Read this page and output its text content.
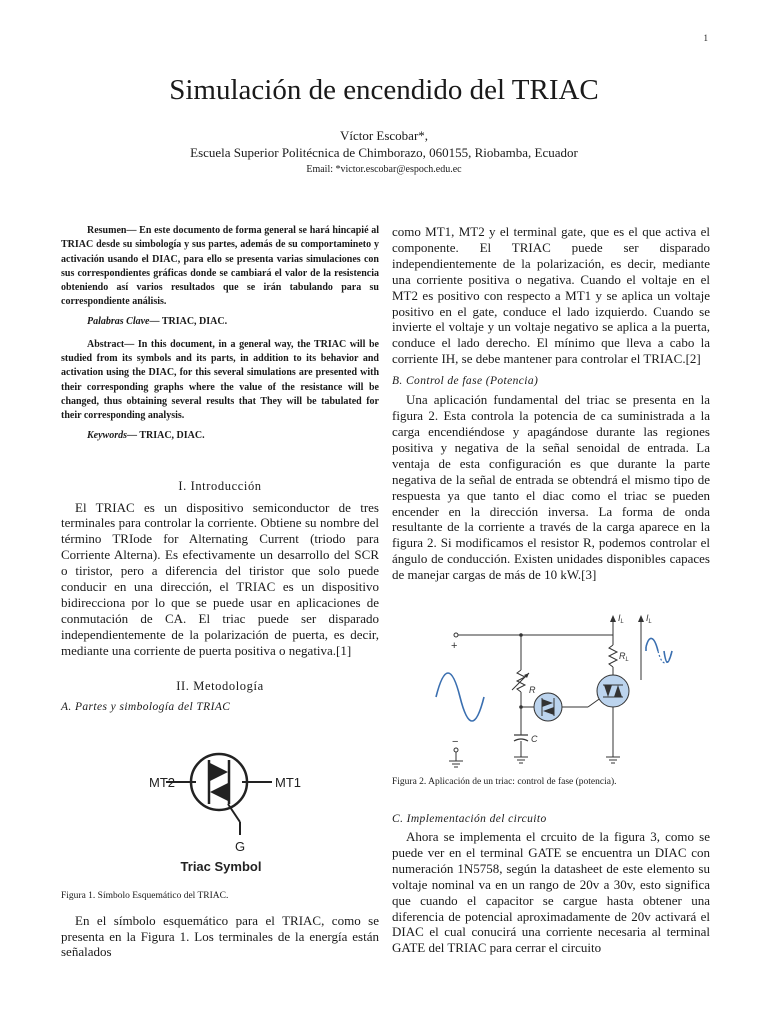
1
Simulación de encendido del TRIAC
Víctor Escobar*,
Escuela Superior Politécnica de Chimborazo, 060155, Riobamba, Ecuador
Email: *victor.escobar@espoch.edu.ec

Resumen— En este documento de forma general se hará hincapié al TRIAC desde su simbología y sus partes, además de su comportamineto y activación usando el DIAC, para ello se presenta varias simulaciones con sus correspondientes gráficas donde se cambiará el valor de la resistencia obteniendo así varios resultados que se irán tabulando para su correspondiente análisis.

Palabras Clave— TRIAC, DIAC.

Abstract— In this document, in a general way, the TRIAC will be studied from its symbols and its parts, in addition to its behavior and activation using the DIAC, for this several simulations are presented with their corresponding graphs where the value of the resistance will be changed, thus obtaining several results that They will be tabulated for their corresponding analysis.

Keywords— TRIAC, DIAC.

I. Introducción

El TRIAC es un dispositivo semiconductor de tres terminales para controlar la corriente. Obtiene su nombre del término TRIode for Alternating Current (triodo para Corriente Alterna). Es efectivamente un desarrollo del SCR o tiristor, pero a diferencia del tiristor que solo puede conducir en una dirección, el TRIAC es un dispositivo bidirecciona por lo que se puede usar en aplicaciones de conmutación de CA. El triac puede ser disparado independientemente de la polarización de puerta, es decir, mediante una corriente de puerta positiva o negativa.[1]

II. Metodología

A. Partes y simbología del TRIAC

MT2	MT1
G
Triac Symbol

Figura 1. Símbolo Esquemático del TRIAC.

En el símbolo esquemático para el TRIAC, como se presenta en la Figura 1. Los terminales de la energía están señalados

como MT1, MT2 y el terminal gate, que es el que activa el componente. El TRIAC puede ser disparado independientemente de la polarización, es decir, mediante una corriente positiva o negativa. Cuando el voltaje en el MT2 es positivo con respecto a MT1 y se aplica un voltaje positivo en el gate, conduce el lado izquierdo. Cuando se invierte el voltaje y un voltaje negativo se aplica a la puerta, conduce el lado derecho. El mínimo que lleva a cabo la corriente IH, se debe mantener para controlar el TRIAC.[2]

B. Control de fase (Potencia)

Una aplicación fundamental del triac se presenta en la figura 2. Esta controla la potencia de ca suministrada a la carga encendiéndose y apagándose durante las regiones positiva y negativa de la señal senoidal de entrada. La ventaja de esta configuración es que durante la parte negativa de la señal de entrada se obtendrá el mismo tipo de respuesta ya que tanto el diac como el triac se pueden encender en la dirección inversa. La forma de onda resultante de la corriente a través de la carga aparece en la figura 2. Si modificamos el resistor R, podemos controlar el ángulo de conducción. Existen unidades disponibles capaces de manejar cargas de más de 10 kW.[3]

+
−
R
C
$R_L$
$I_L$ $I_L$

Figura 2. Aplicación de un triac: control de fase (potencia).

C. Implementación del circuito

Ahora se implementa el crcuito de la figura 3, como se puede ver en el terminal GATE se encuentra un DIAC con numeración 1N5758, según la datasheet de este elemento su voltaje nominal va en un rango de 20v a 30v, esto significa que cuando el capacitor se cargue hasta obtener una diferencia de potencial aproximadamente de 20v activará el DIAC el cual conucirá una corriente necesaria al terminal GATE del TRIAC para cerrar el circuito
